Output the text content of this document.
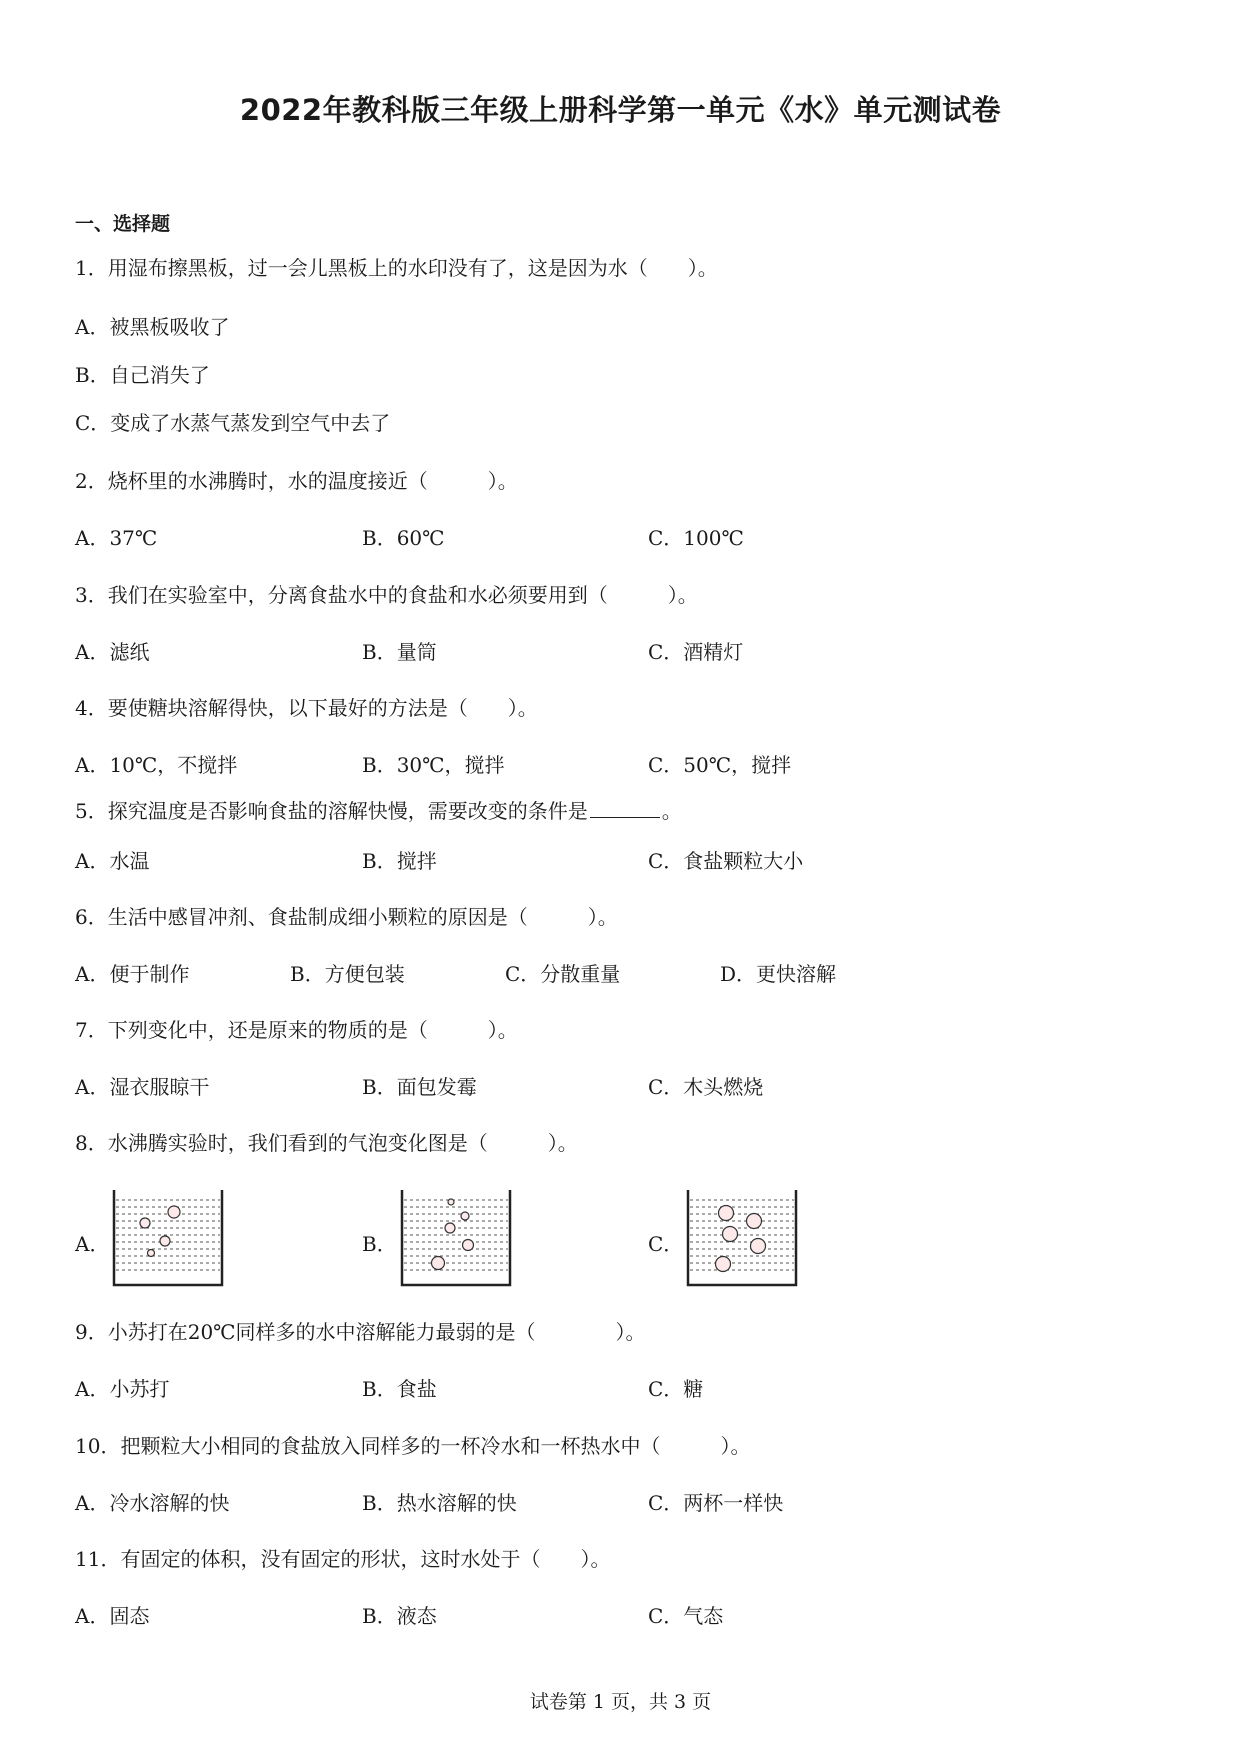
2022年教科版三年级上册科学第一单元《水》单元测试卷
一、选择题
1．用湿布擦黑板，过一会儿黑板上的水印没有了，这是因为水（　　）。
A．被黑板吸收了
B．自己消失了
C．变成了水蒸气蒸发到空气中去了
2．烧杯里的水沸腾时，水的温度接近（　　　）。
A．37℃	B．60℃	C．100℃
3．我们在实验室中，分离食盐水中的食盐和水必须要用到（　　　）。
A．滤纸	B．量筒	C．酒精灯
4．要使糖块溶解得快，以下最好的方法是（　　）。
A．10℃，不搅拌	B．30℃，搅拌	C．50℃，搅拌
5．探究温度是否影响食盐的溶解快慢，需要改变的条件是	。
A．水温	B．搅拌	C．食盐颗粒大小
6．生活中感冒冲剂、食盐制成细小颗粒的原因是（　　　）。
A．便于制作	B．方便包装	C．分散重量	D．更快溶解
7．下列变化中，还是原来的物质的是（　　　）。
A．湿衣服晾干	B．面包发霉	C．木头燃烧
8．水沸腾实验时，我们看到的气泡变化图是（　　　）。
A．	B．	C．
9．小苏打在20℃同样多的水中溶解能力最弱的是（　　　　）。
A．小苏打	B．食盐	C．糖
10．把颗粒大小相同的食盐放入同样多的一杯冷水和一杯热水中（　　　）。
A．冷水溶解的快	B．热水溶解的快	C．两杯一样快
11．有固定的体积，没有固定的形状，这时水处于（　　）。
A．固态	B．液态	C．气态
试卷第 1 页，共 3 页
